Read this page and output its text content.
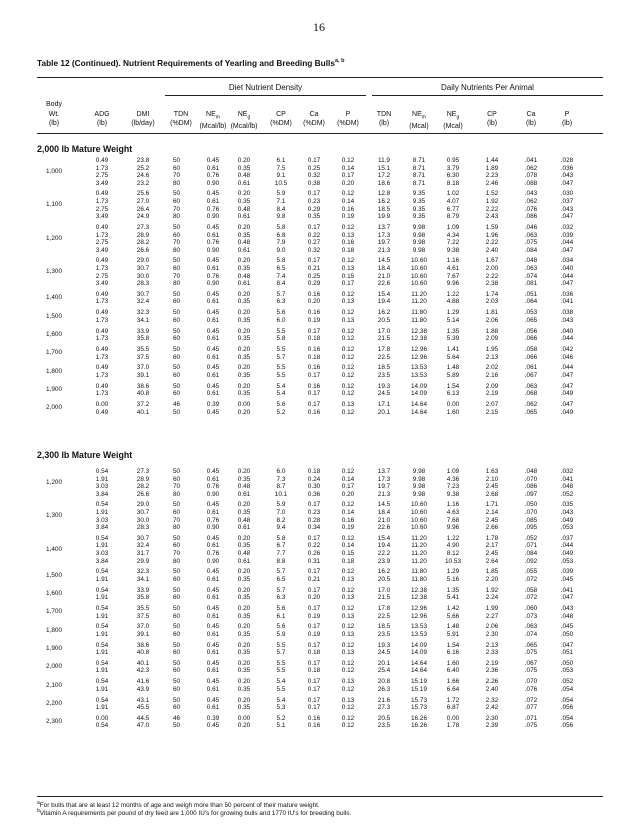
16
Table 12 (Continued). Nutrient Requirements of Yearling and Breeding Bulls$^{a, b}$
Diet Nutrient Density	Daily Nutrients Per Animal
Body
Wt.
(lb)

ADG
(lb)

DMI
(lb/day)

TDN
(%DM)

$NE_m$
(Mcal/lb)

$NE_g$
(Mcal/lb)

CP
(%DM)

Ca
(%DM)

P
(%DM)

TDN
(lb)

$NE_m$
(Mcal)

$NE_g$
(Mcal)

CP
(lb)

Ca
(lb)

P
(lb)
2,000 lb Mature Weight
1,000
0.49	23.8	50	0.45	0.20	6.1	0.17	0.12	11.9	8.71	0.95	1.44	.041	.028
1.73	25.2	60	0.61	0.35	7.5	0.25	0.14	15.1	8.71	3.79	1.89	.062	.036
2.75	24.6	70	0.76	0.48	9.1	0.32	0.17	17.2	8.71	6.30	2.23	.078	.043
3.49	23.2	80	0.90	0.61	10.5	0.38	0.20	18.6	8.71	8.18	2.46	.088	.047
1,100
0.49	25.6	50	0.45	0.20	5.9	0.17	0.12	12.8	9.35	1.02	1.52	.043	.030
1.73	27.0	60	0.61	0.35	7.1	0.23	0.14	16.2	9.35	4.07	1.92	.062	.037
2.75	26.4	70	0.76	0.48	8.4	0.29	0.16	18.5	9.35	6.77	2.22	.076	.043
3.49	24.9	80	0.90	0.61	9.8	0.35	0.19	19.9	9.35	8.79	2.43	.086	.047
1,200
0.49	27.3	50	0.45	0.20	5.8	0.17	0.12	13.7	9.98	1.09	1.59	.046	.032
1.73	28.9	60	0.61	0.35	6.8	0.22	0.13	17.3	9.98	4.34	1.96	.063	.039
2.75	28.2	70	0.76	0.48	7.9	0.27	0.16	19.7	9.98	7.22	2.22	.075	.044
3.49	26.6	80	0.90	0.61	9.0	0.32	0.18	21.3	9.98	9.38	2.40	.084	.047
1,300
0.49	29.0	50	0.45	0.20	5.8	0.17	0.12	14.5	10.60	1.16	1.67	.048	.034
1.73	30.7	60	0.61	0.35	6.5	0.21	0.13	18.4	10.60	4.61	2.00	.063	.040
2.75	30.0	70	0.76	0.48	7.4	0.25	0.15	21.0	10.60	7.67	2.22	.074	.044
3.49	28.3	80	0.90	0.61	8.4	0.29	0.17	22.6	10.60	9.96	2.38	.081	.047
1,400	0.49	30.7	50	0.45	0.20	5.7	0.16	0.12	15.4	11.20	1.22	1.74	.051	.036
1.73	32.4	60	0.61	0.35	6.3	0.20	0.13	19.4	11.20	4.88	2.03	.064	.041
1,500	0.49	32.3	50	0.45	0.20	5.6	0.16	0.12	16.2	11.80	1.29	1.81	.053	.038
1.73	34.1	60	0.61	0.35	6.0	0.19	0.13	20.5	11.80	5.14	2.06	.065	.043
1,600	0.49	33.9	50	0.45	0.20	5.5	0.17	0.12	17.0	12.38	1.35	1.88	.056	.040
1.73	35.8	60	0.61	0.35	5.8	0.18	0.12	21.5	12.38	5.39	2.09	.066	.044
1,700	0.49	35.5	50	0.45	0.20	5.5	0.16	0.12	17.8	12.96	1.41	1.95	.058	.042
1.73	37.5	60	0.61	0.35	5.7	0.18	0.12	22.5	12.96	5.64	2.13	.066	.046
1,800	0.49	37.0	50	0.45	0.20	5.5	0.16	0.12	18.5	13.53	1.48	2.02	.061	.044
1.73	39.1	60	0.61	0.35	5.5	0.17	0.12	23.5	13.53	5.89	2.16	.067	.047
1,900	0.49	38.6	50	0.45	0.20	5.4	0.16	0.12	19.3	14.09	1.54	2.09	.063	.047
1.73	40.8	60	0.61	0.35	5.4	0.17	0.12	24.5	14.09	6.13	2.19	.068	.049
2,000	0.00	37.2	46	0.39	0.00	5.6	0.17	0.13	17.1	14.64	0.00	2.07	.062	.047
0.49	40.1	50	0.45	0.20	5.2	0.16	0.12	20.1	14.64	1.60	2.15	.065	.049
2,300 lb Mature Weight
1,200
0.54	27.3	50	0.45	0.20	6.0	0.18	0.12	13.7	9.98	1.09	1.63	.048	.032
1.91	28.9	60	0.61	0.35	7.3	0.24	0.14	17.3	9.98	4.36	2.10	.070	.041
3.03	28.2	70	0.76	0.48	8.7	0.30	0.17	19.7	9.98	7.23	2.45	.086	.048
3.84	26.6	80	0.90	0.61	10.1	0.36	0.20	21.3	9.98	9.38	2.68	.097	.052
1,300
0.54	29.0	50	0.45	0.20	5.9	0.17	0.12	14.5	10.60	1.16	1.71	.050	.035
1.91	30.7	60	0.61	0.35	7.0	0.23	0.14	18.4	10.60	4.63	2.14	.070	.043
3.03	30.0	70	0.76	0.48	8.2	0.28	0.16	21.0	10.60	7.68	2.45	.085	.049
3.84	28.3	80	0.90	0.61	9.4	0.34	0.19	22.6	10.60	9.96	2.66	.095	.053
1,400
0.54	30.7	50	0.45	0.20	5.8	0.17	0.12	15.4	11.20	1.22	1.78	.052	.037
1.91	32.4	60	0.61	0.35	6.7	0.22	0.14	19.4	11.20	4.90	2.17	.071	.044
3.03	31.7	70	0.76	0.48	7.7	0.26	0.15	22.2	11.20	8.12	2.45	.084	.049
3.84	29.9	80	0.90	0.61	8.8	0.31	0.18	23.9	11.20	10.53	2.64	.092	.053
1,500	0.54	32.3	50	0.45	0.20	5.7	0.17	0.12	16.2	11.80	1.29	1.85	.055	.039
1.91	34.1	60	0.61	0.35	6.5	0.21	0.13	20.5	11.80	5.16	2.20	.072	.045
1,600	0.54	33.9	50	0.45	0.20	5.7	0.17	0.12	17.0	12.38	1.35	1.92	.058	.041
1.91	35.8	60	0.61	0.35	6.3	0.20	0.13	21.5	12.38	5.41	2.24	.072	.047
1,700	0.54	35.5	50	0.45	0.20	5.6	0.17	0.12	17.8	12.96	1.42	1.99	.060	.043
1.91	37.5	60	0.61	0.35	6.1	0.19	0.13	22.5	12.96	5.66	2.27	.073	.048
1,800	0.54	37.0	50	0.45	0.20	5.6	0.17	0.12	18.5	13.53	1.48	2.06	.063	.045
1.91	39.1	60	0.61	0.35	5.9	0.19	0.13	23.5	13.53	5.91	2.30	.074	.050
1,900	0.54	38.6	50	0.45	0.20	5.5	0.17	0.12	19.3	14.09	1.54	2.13	.065	.047
1.91	40.8	60	0.61	0.35	5.7	0.18	0.13	24.5	14.09	6.16	2.33	.075	.051
2,000	0.54	40.1	50	0.45	0.20	5.5	0.17	0.12	20.1	14.64	1.60	2.19	.067	.050
1.91	42.3	60	0.61	0.35	5.5	0.18	0.12	25.4	14.64	6.40	2.36	.075	.053
2,100	0.54	41.6	50	0.45	0.20	5.4	0.17	0.13	20.8	15.19	1.66	2.26	.070	.052
1.91	43.9	60	0.61	0.35	5.5	0.17	0.12	26.3	15.19	6.64	2.40	.076	.054
2,200	0.54	43.1	50	0.45	0.20	5.4	0.17	0.13	21.6	15.73	1.72	2.32	.072	.054
1.91	45.5	60	0.61	0.35	5.3	0.17	0.12	27.3	15.73	6.87	2.42	.077	.056
2,300	0.00	44.5	46	0.39	0.00	5.2	0.16	0.12	20.5	16.26	0.00	2.30	.071	.054
0.54	47.0	50	0.45	0.20	5.1	0.16	0.12	23.5	16.26	1.78	2.39	.075	.056
$^a$For bulls that are at least 12 months of age and weigh more than 50 percent of their mature weight.
$^b$Vitamin A requirements per pound of dry feed are 1,000 IU's for growing bulls and 1770 IU's for breeding bulls.
